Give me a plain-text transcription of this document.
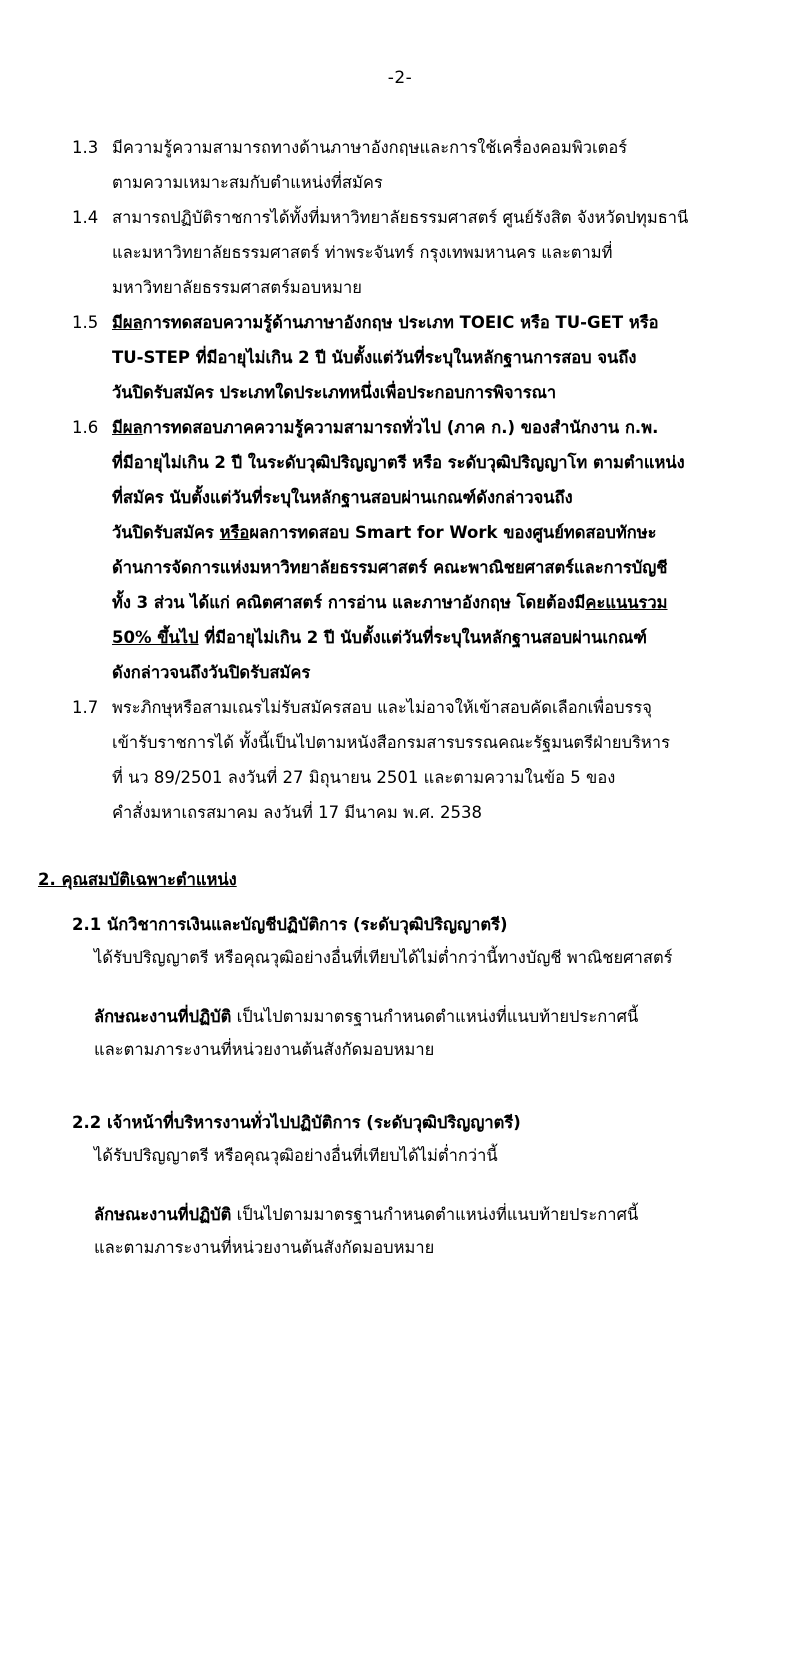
-2-
1.3 มีความรู้ความสามารถทางด้านภาษาอังกฤษและการใช้เครื่องคอมพิวเตอร์
ตามความเหมาะสมกับตำแหน่งที่สมัคร
1.4 สามารถปฏิบัติราชการได้ทั้งที่มหาวิทยาลัยธรรมศาสตร์ ศูนย์รังสิต จังหวัดปทุมธานี
และมหาวิทยาลัยธรรมศาสตร์ ท่าพระจันทร์ กรุงเทพมหานคร และตามที่
มหาวิทยาลัยธรรมศาสตร์มอบหมาย
1.5 มีผลการทดสอบความรู้ด้านภาษาอังกฤษ ประเภท TOEIC หรือ TU-GET หรือ
TU-STEP ที่มีอายุไม่เกิน 2 ปี นับตั้งแต่วันที่ระบุในหลักฐานการสอบ จนถึง
วันปิดรับสมัคร ประเภทใดประเภทหนึ่งเพื่อประกอบการพิจารณา
1.6 มีผลการทดสอบภาคความรู้ความสามารถทั่วไป (ภาค ก.) ของสำนักงาน ก.พ.
ที่มีอายุไม่เกิน 2 ปี ในระดับวุฒิปริญญาตรี หรือ ระดับวุฒิปริญญาโท ตามตำแหน่ง
ที่สมัคร นับตั้งแต่วันที่ระบุในหลักฐานสอบผ่านเกณฑ์ดังกล่าวจนถึง
วันปิดรับสมัคร หรือผลการทดสอบ Smart for Work ของศูนย์ทดสอบทักษะ
ด้านการจัดการแห่งมหาวิทยาลัยธรรมศาสตร์ คณะพาณิชยศาสตร์และการบัญชี
ทั้ง 3 ส่วน ได้แก่ คณิตศาสตร์ การอ่าน และภาษาอังกฤษ โดยต้องมีคะแนนรวม
50% ขึ้นไป ที่มีอายุไม่เกิน 2 ปี นับตั้งแต่วันที่ระบุในหลักฐานสอบผ่านเกณฑ์
ดังกล่าวจนถึงวันปิดรับสมัคร
1.7 พระภิกษุหรือสามเณรไม่รับสมัครสอบ และไม่อาจให้เข้าสอบคัดเลือกเพื่อบรรจุ
เข้ารับราชการได้ ทั้งนี้เป็นไปตามหนังสือกรมสารบรรณคณะรัฐมนตรีฝ่ายบริหาร
ที่ นว 89/2501 ลงวันที่ 27 มิถุนายน 2501 และตามความในข้อ 5 ของ
คำสั่งมหาเถรสมาคม ลงวันที่ 17 มีนาคม พ.ศ. 2538
2. คุณสมบัติเฉพาะตำแหน่ง

2.1 นักวิชาการเงินและบัญชีปฏิบัติการ (ระดับวุฒิปริญญาตรี)

ได้รับปริญญาตรี หรือคุณวุฒิอย่างอื่นที่เทียบได้ไม่ต่ำกว่านี้ทางบัญชี พาณิชยศาสตร์

ลักษณะงานที่ปฏิบัติ เป็นไปตามมาตรฐานกำหนดตำแหน่งที่แนบท้ายประกาศนี้

และตามภาระงานที่หน่วยงานต้นสังกัดมอบหมาย

2.2 เจ้าหน้าที่บริหารงานทั่วไปปฏิบัติการ (ระดับวุฒิปริญญาตรี)

ได้รับปริญญาตรี หรือคุณวุฒิอย่างอื่นที่เทียบได้ไม่ต่ำกว่านี้

ลักษณะงานที่ปฏิบัติ เป็นไปตามมาตรฐานกำหนดตำแหน่งที่แนบท้ายประกาศนี้

และตามภาระงานที่หน่วยงานต้นสังกัดมอบหมาย
